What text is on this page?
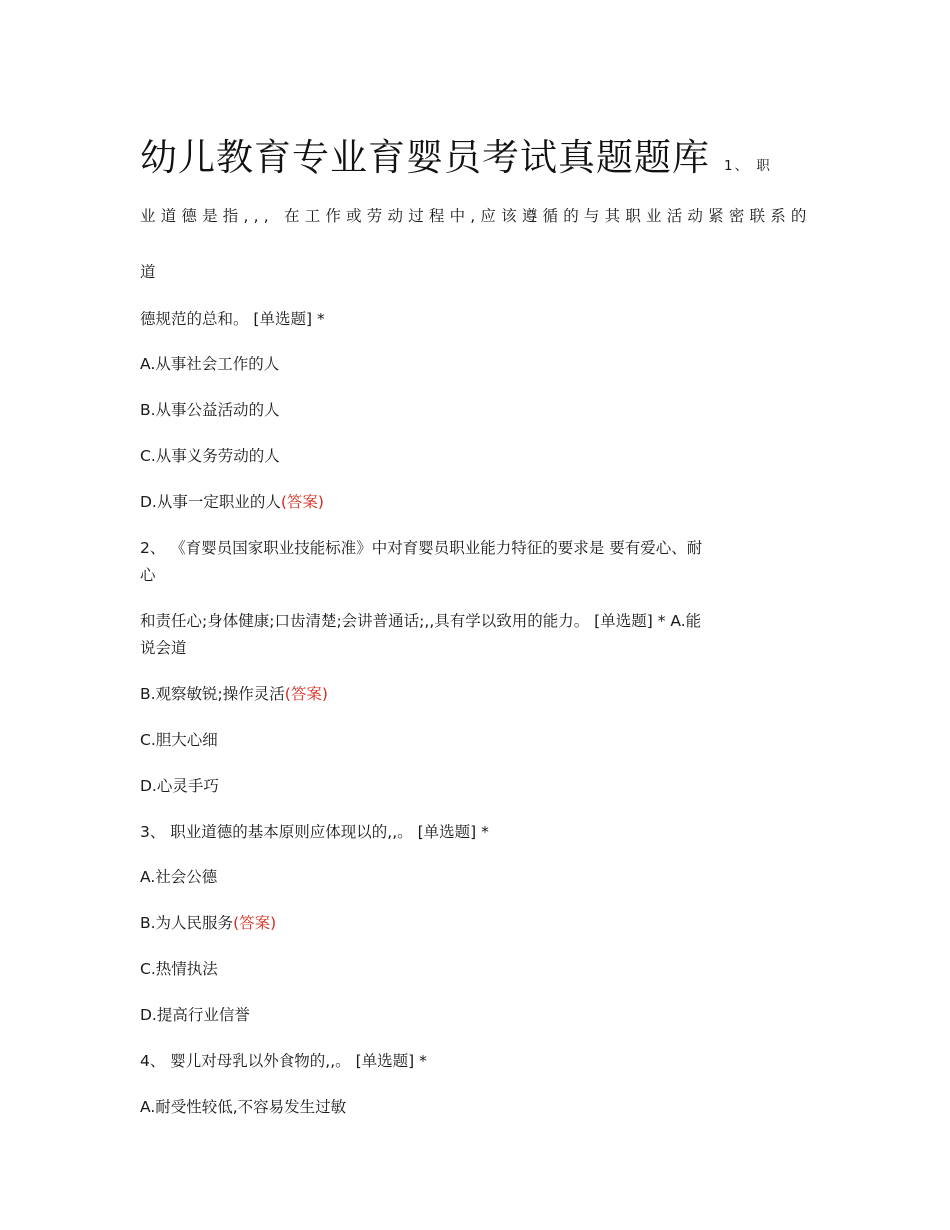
幼儿教育专业育婴员考试真题题库 1、 职
业道德是指,,, 在工作或劳动过程中,应该遵循的与其职业活动紧密联系的
道
德规范的总和。 [单选题] *
A.从事社会工作的人
B.从事公益活动的人
C.从事义务劳动的人
D.从事一定职业的人(答案)
2、 《育婴员国家职业技能标准》中对育婴员职业能力特征的要求是 要有爱心、耐
心
和责任心;身体健康;口齿清楚;会讲普通话;,,具有学以致用的能力。 [单选题] * A.能
说会道
B.观察敏锐;操作灵活(答案)
C.胆大心细
D.心灵手巧
3、 职业道德的基本原则应体现以的,,。 [单选题] *
A.社会公德
B.为人民服务(答案)
C.热情执法
D.提高行业信誉
4、 婴儿对母乳以外食物的,,。 [单选题] *
A.耐受性较低,不容易发生过敏
